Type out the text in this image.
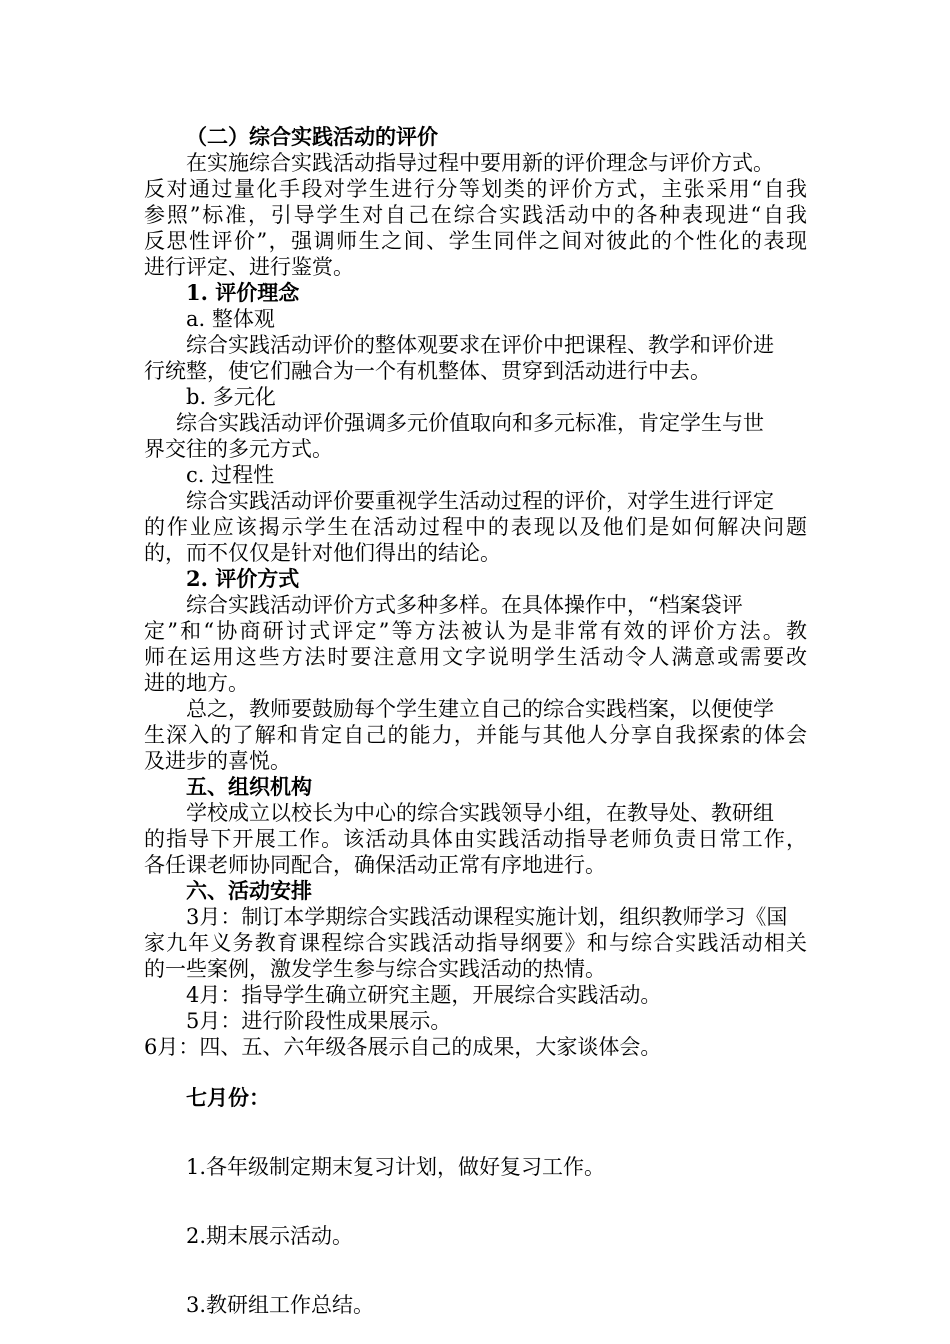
（二）综合实践活动的评价
在实施综合实践活动指导过程中要用新的评价理念与评价方式。
反对通过量化手段对学生进行分等划类的评价方式，主张采用“自我
参照”标准，引导学生对自己在综合实践活动中的各种表现进“自我
反思性评价”，强调师生之间、学生同伴之间对彼此的个性化的表现
进行评定、进行鉴赏。
1. 评价理念
a. 整体观
综合实践活动评价的整体观要求在评价中把课程、教学和评价进
行统整，使它们融合为一个有机整体、贯穿到活动进行中去。
b. 多元化
综合实践活动评价强调多元价值取向和多元标准，肯定学生与世
界交往的多元方式。
c. 过程性
综合实践活动评价要重视学生活动过程的评价，对学生进行评定
的作业应该揭示学生在活动过程中的表现以及他们是如何解决问题
的，而不仅仅是针对他们得出的结论。
2. 评价方式
综合实践活动评价方式多种多样。在具体操作中，“档案袋评
定”和“协商研讨式评定”等方法被认为是非常有效的评价方法。教
师在运用这些方法时要注意用文字说明学生活动令人满意或需要改
进的地方。
总之，教师要鼓励每个学生建立自己的综合实践档案，以便使学
生深入的了解和肯定自己的能力，并能与其他人分享自我探索的体会
及进步的喜悦。
五、组织机构
学校成立以校长为中心的综合实践领导小组，在教导处、教研组
的指导下开展工作。该活动具体由实践活动指导老师负责日常工作，
各任课老师协同配合，确保活动正常有序地进行。
六、活动安排
3月：制订本学期综合实践活动课程实施计划，组织教师学习《国
家九年义务教育课程综合实践活动指导纲要》和与综合实践活动相关
的一些案例，激发学生参与综合实践活动的热情。
4月：指导学生确立研究主题，开展综合实践活动。
5月：进行阶段性成果展示。
6月：四、五、六年级各展示自己的成果，大家谈体会。
七月份：
1.各年级制定期末复习计划，做好复习工作。
2.期末展示活动。
3.教研组工作总结。
